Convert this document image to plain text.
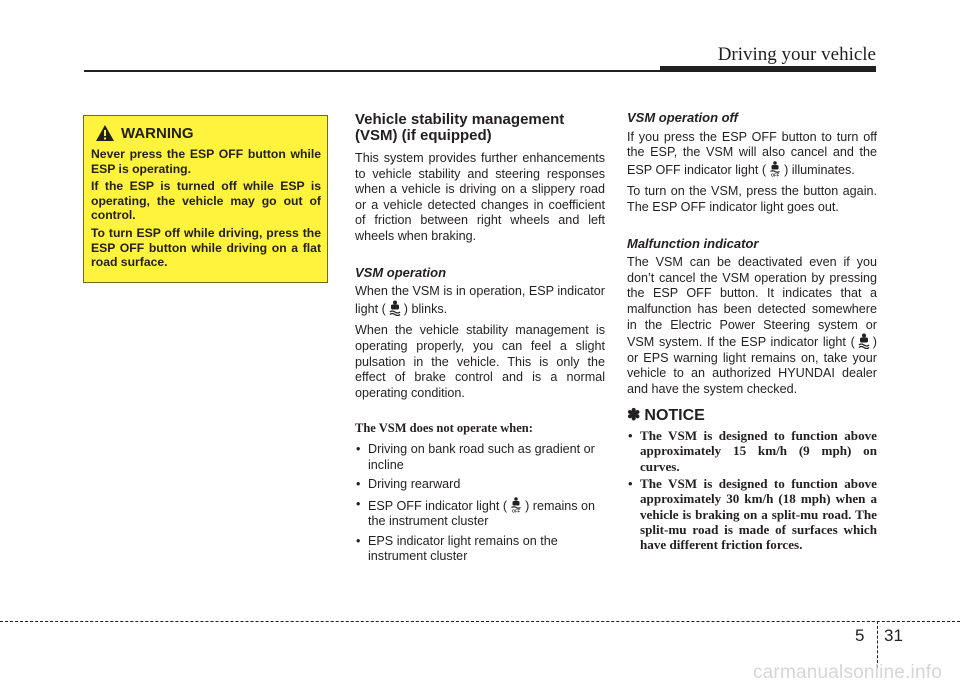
Driving your vehicle
WARNING

Never press the ESP OFF button while ESP is operating.

If the ESP is turned off while ESP is operating, the vehicle may go out of control.

To turn ESP off while driving, press the ESP OFF button while driving on a flat road surface.

Vehicle stability management (VSM) (if equipped)

This system provides further enhancements to vehicle stability and steering responses when a vehicle is driving on a slippery road or a vehicle detected changes in coefficient of friction between right wheels and left wheels when braking.

VSM operation

When the VSM is in operation, ESP indicator light ( ) blinks.

When the vehicle stability management is operating properly, you can feel a slight pulsation in the vehicle. This is only the effect of brake control and is a normal operating condition.

The VSM does not operate when:
• Driving on bank road such as gradient or incline
• Driving rearward
• ESP OFF indicator light ( OFF ) remains on the instrument cluster
• EPS indicator light remains on the instrument cluster
VSM operation off

If you press the ESP OFF button to turn off the ESP, the VSM will also cancel and the ESP OFF indicator light ( OFF ) illuminates.

To turn on the VSM, press the button again. The ESP OFF indicator light goes out.

Malfunction indicator

The VSM can be deactivated even if you don’t cancel the VSM operation by pressing the ESP OFF button. It indicates that a malfunction has been detected somewhere in the Electric Power Steering system or VSM system. If the ESP indicator light ( ) or EPS warning light remains on, take your vehicle to an authorized HYUNDAI dealer and have the system checked.

✽ NOTICE
• The VSM is designed to function above approximately 15 km/h (9 mph) on curves.
• The VSM is designed to function above approximately 30 km/h (18 mph) when a vehicle is braking on a split-mu road. The split-mu road is made of surfaces which have different friction forces.
5 31
carmanualsonline.info
